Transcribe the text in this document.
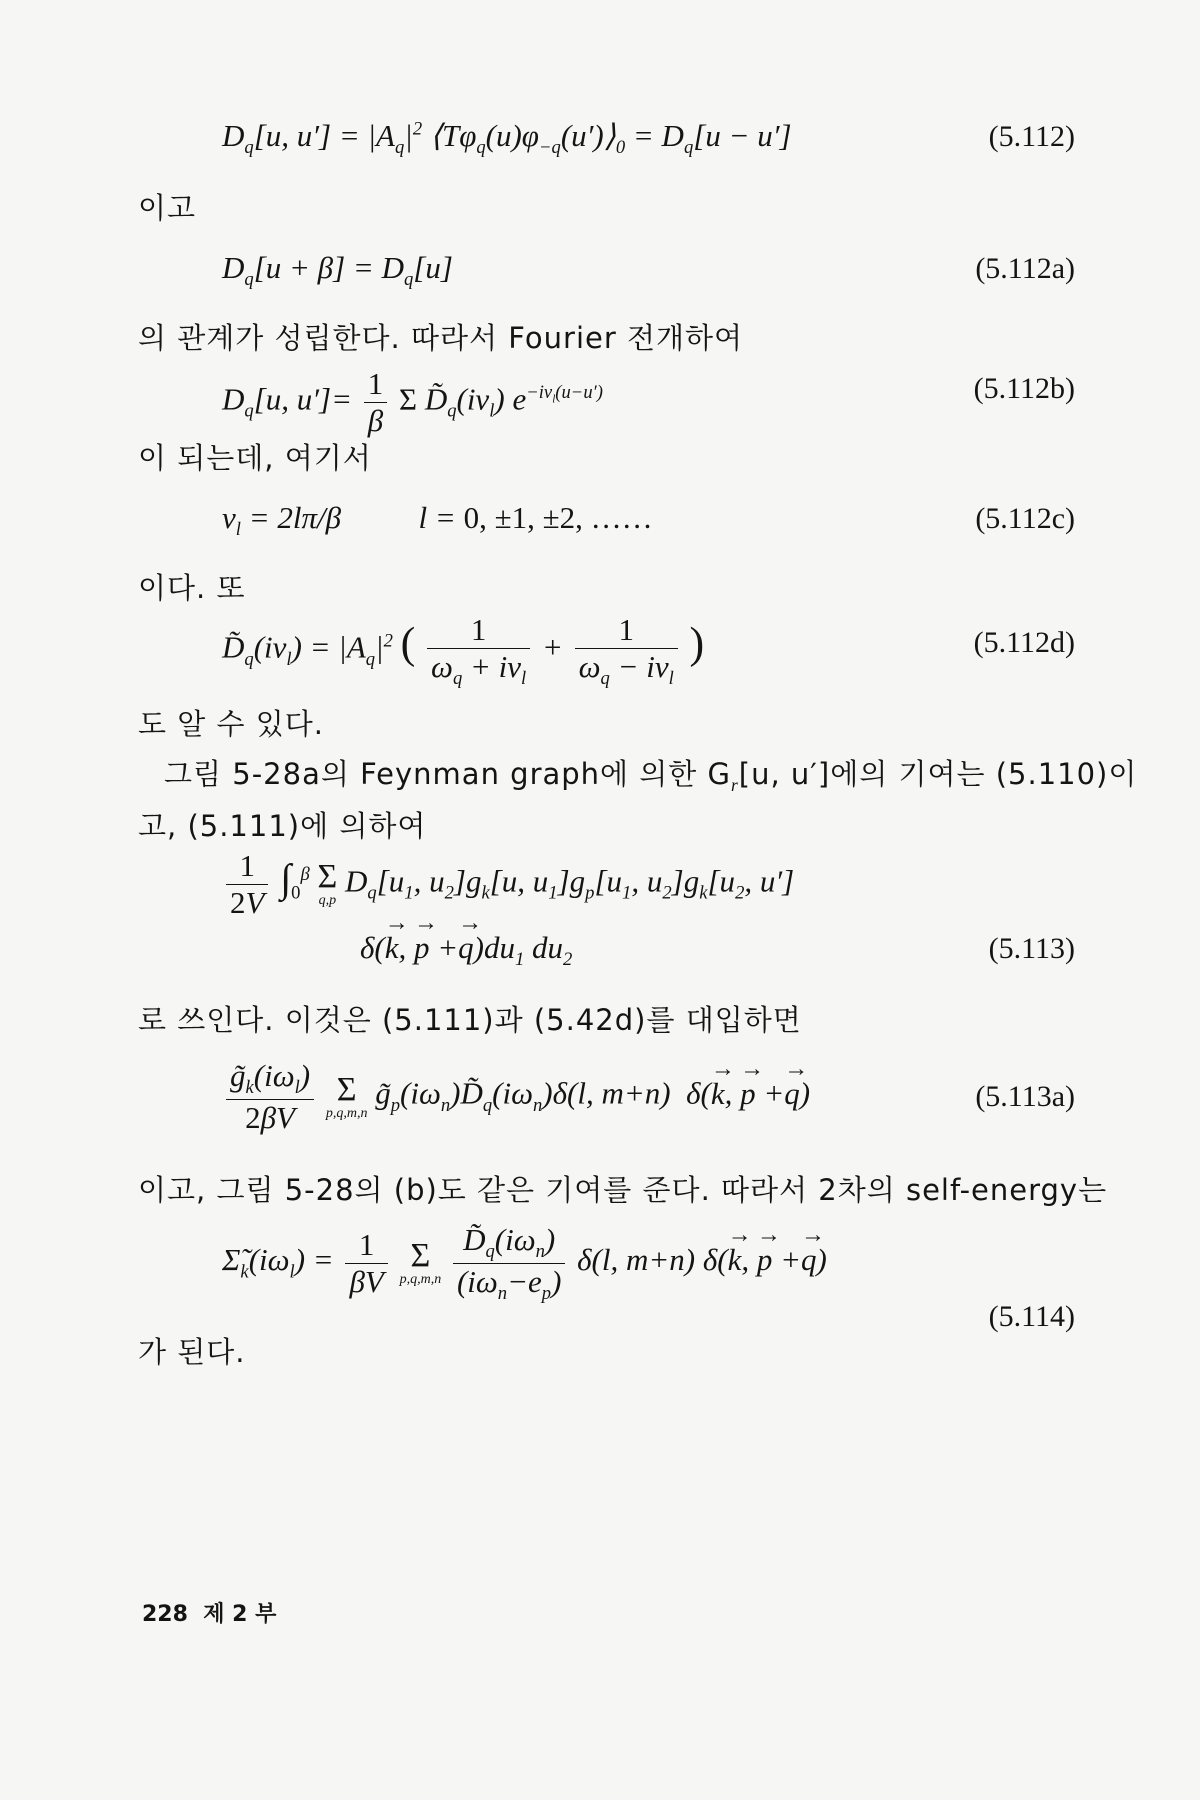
$D_q[u$, $u'] = |A_q|^2$ $⟨T\varphi_q(u)\varphi_{-q}(u')⟩_0 = D_q[u - u']$	(5.112)
이고
$D_q[u + \beta] = D_q[u]$	(5.112a)
의 관계가 성립한다. 따라서 Fourier 전개하여
$D_q[u$, $u']= \frac{1}{\beta}$ Σ $D̃_q(i\nu_l)$ $e^{-i\nu_l(u-u')}$	(5.112b)
이 되는데, 여기서
$\nu_l = 2l\pi/\beta$          l = 0, ±1, ±2, ……	(5.112c)
이다. 또
$D̃_q(i\nu_l) = |A_q|^2$ ( $\frac{1}{\omega_q + i\nu_l} + \frac{1}{\omega_q - i\nu_l}$ )	(5.112d)
도 알 수 있다.
그림 5-28a의 Feynman graph에 의한 $G_r[u$, u′]에의 기여는 (5.110)이
고, (5.111)에 의하여
$\frac{1}{2V} \int_0^\beta$ Σ
q,p
$D_q[u_1$, $u_2]g_k[u$, $u_1]g_p[u_1$, $u_2]g_k[u_2$, u′]
δ(→ k, → $p +\to q)du_1$ $du_2$	(5.113)
로 쓰인다. 이것은 (5.111)과 (5.42d)를 대입하면
$\frac{g̃_k(i\omega_l)}{2\beta V}$ Σ
p,q,m,n
$g̃_p(i\omega_n)D̃_q(i\omega_n)\delta(l$, m+n)  δ(→ k, → p +→ q)	(5.113a)
이고, 그림 5-28의 (b)도 같은 기여를 준다. 따라서 2차의 self-energy는
$\Sigmã_k(i\omega_l) = \frac{1}{\beta V}$ Σ
p,q,m,n
$\frac{D̃_q(i\omega_n)}{(i\omega_n-e_p)} \delta(l$, m+n) δ(→ k, → p +→ q)
(5.114)
가 된다.
228 제 2 부
